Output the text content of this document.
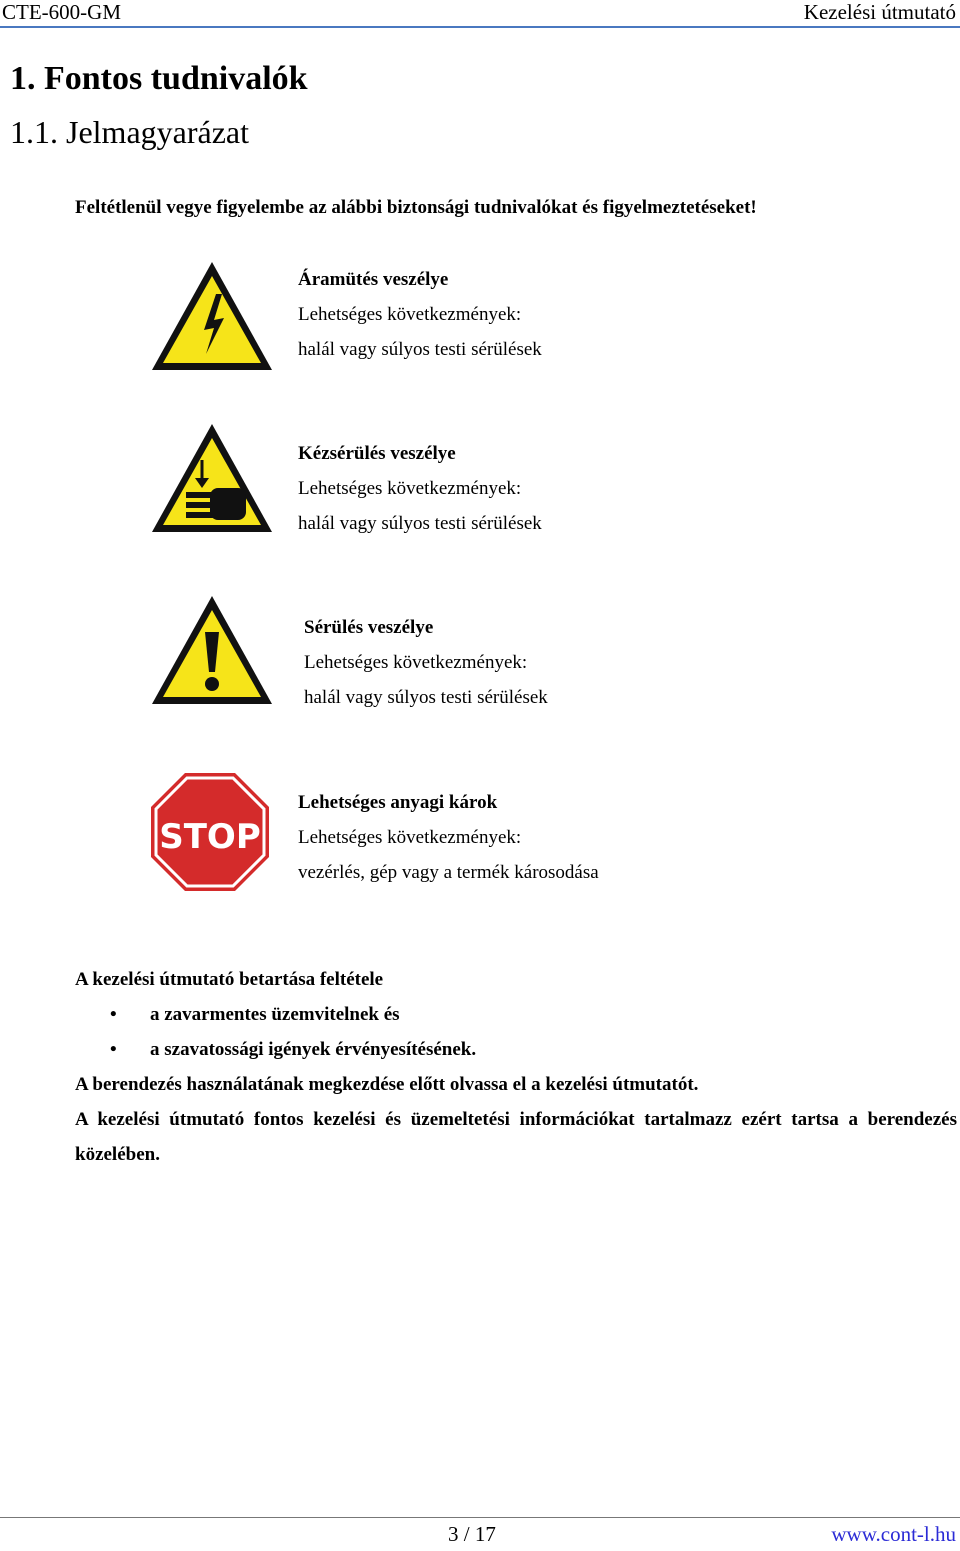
CTE-600-GM	Kezelési útmutató
1. Fontos tudnivalók
1.1. Jelmagyarázat
Feltétlenül vegye figyelembe az alábbi biztonsági tudnivalókat és figyelmeztetéseket!
Áramütés veszélye
Lehetséges következmények:
halál vagy súlyos testi sérülések
Kézsérülés veszélye
Lehetséges következmények:
halál vagy súlyos testi sérülések
Sérülés veszélye
Lehetséges következmények:
halál vagy súlyos testi sérülések
STOP
Lehetséges anyagi károk
Lehetséges következmények:
vezérlés, gép vagy a termék károsodása

A kezelési útmutató betartása feltétele

• a zavarmentes üzemvitelnek és

• a szavatossági igények érvényesítésének.

A berendezés használatának megkezdése előtt olvassa el a kezelési útmutatót.

A kezelési útmutató fontos kezelési és üzemeltetési információkat tartalmazz ezért tartsa a berendezés közelében.

3 / 17	www.cont-l.hu
